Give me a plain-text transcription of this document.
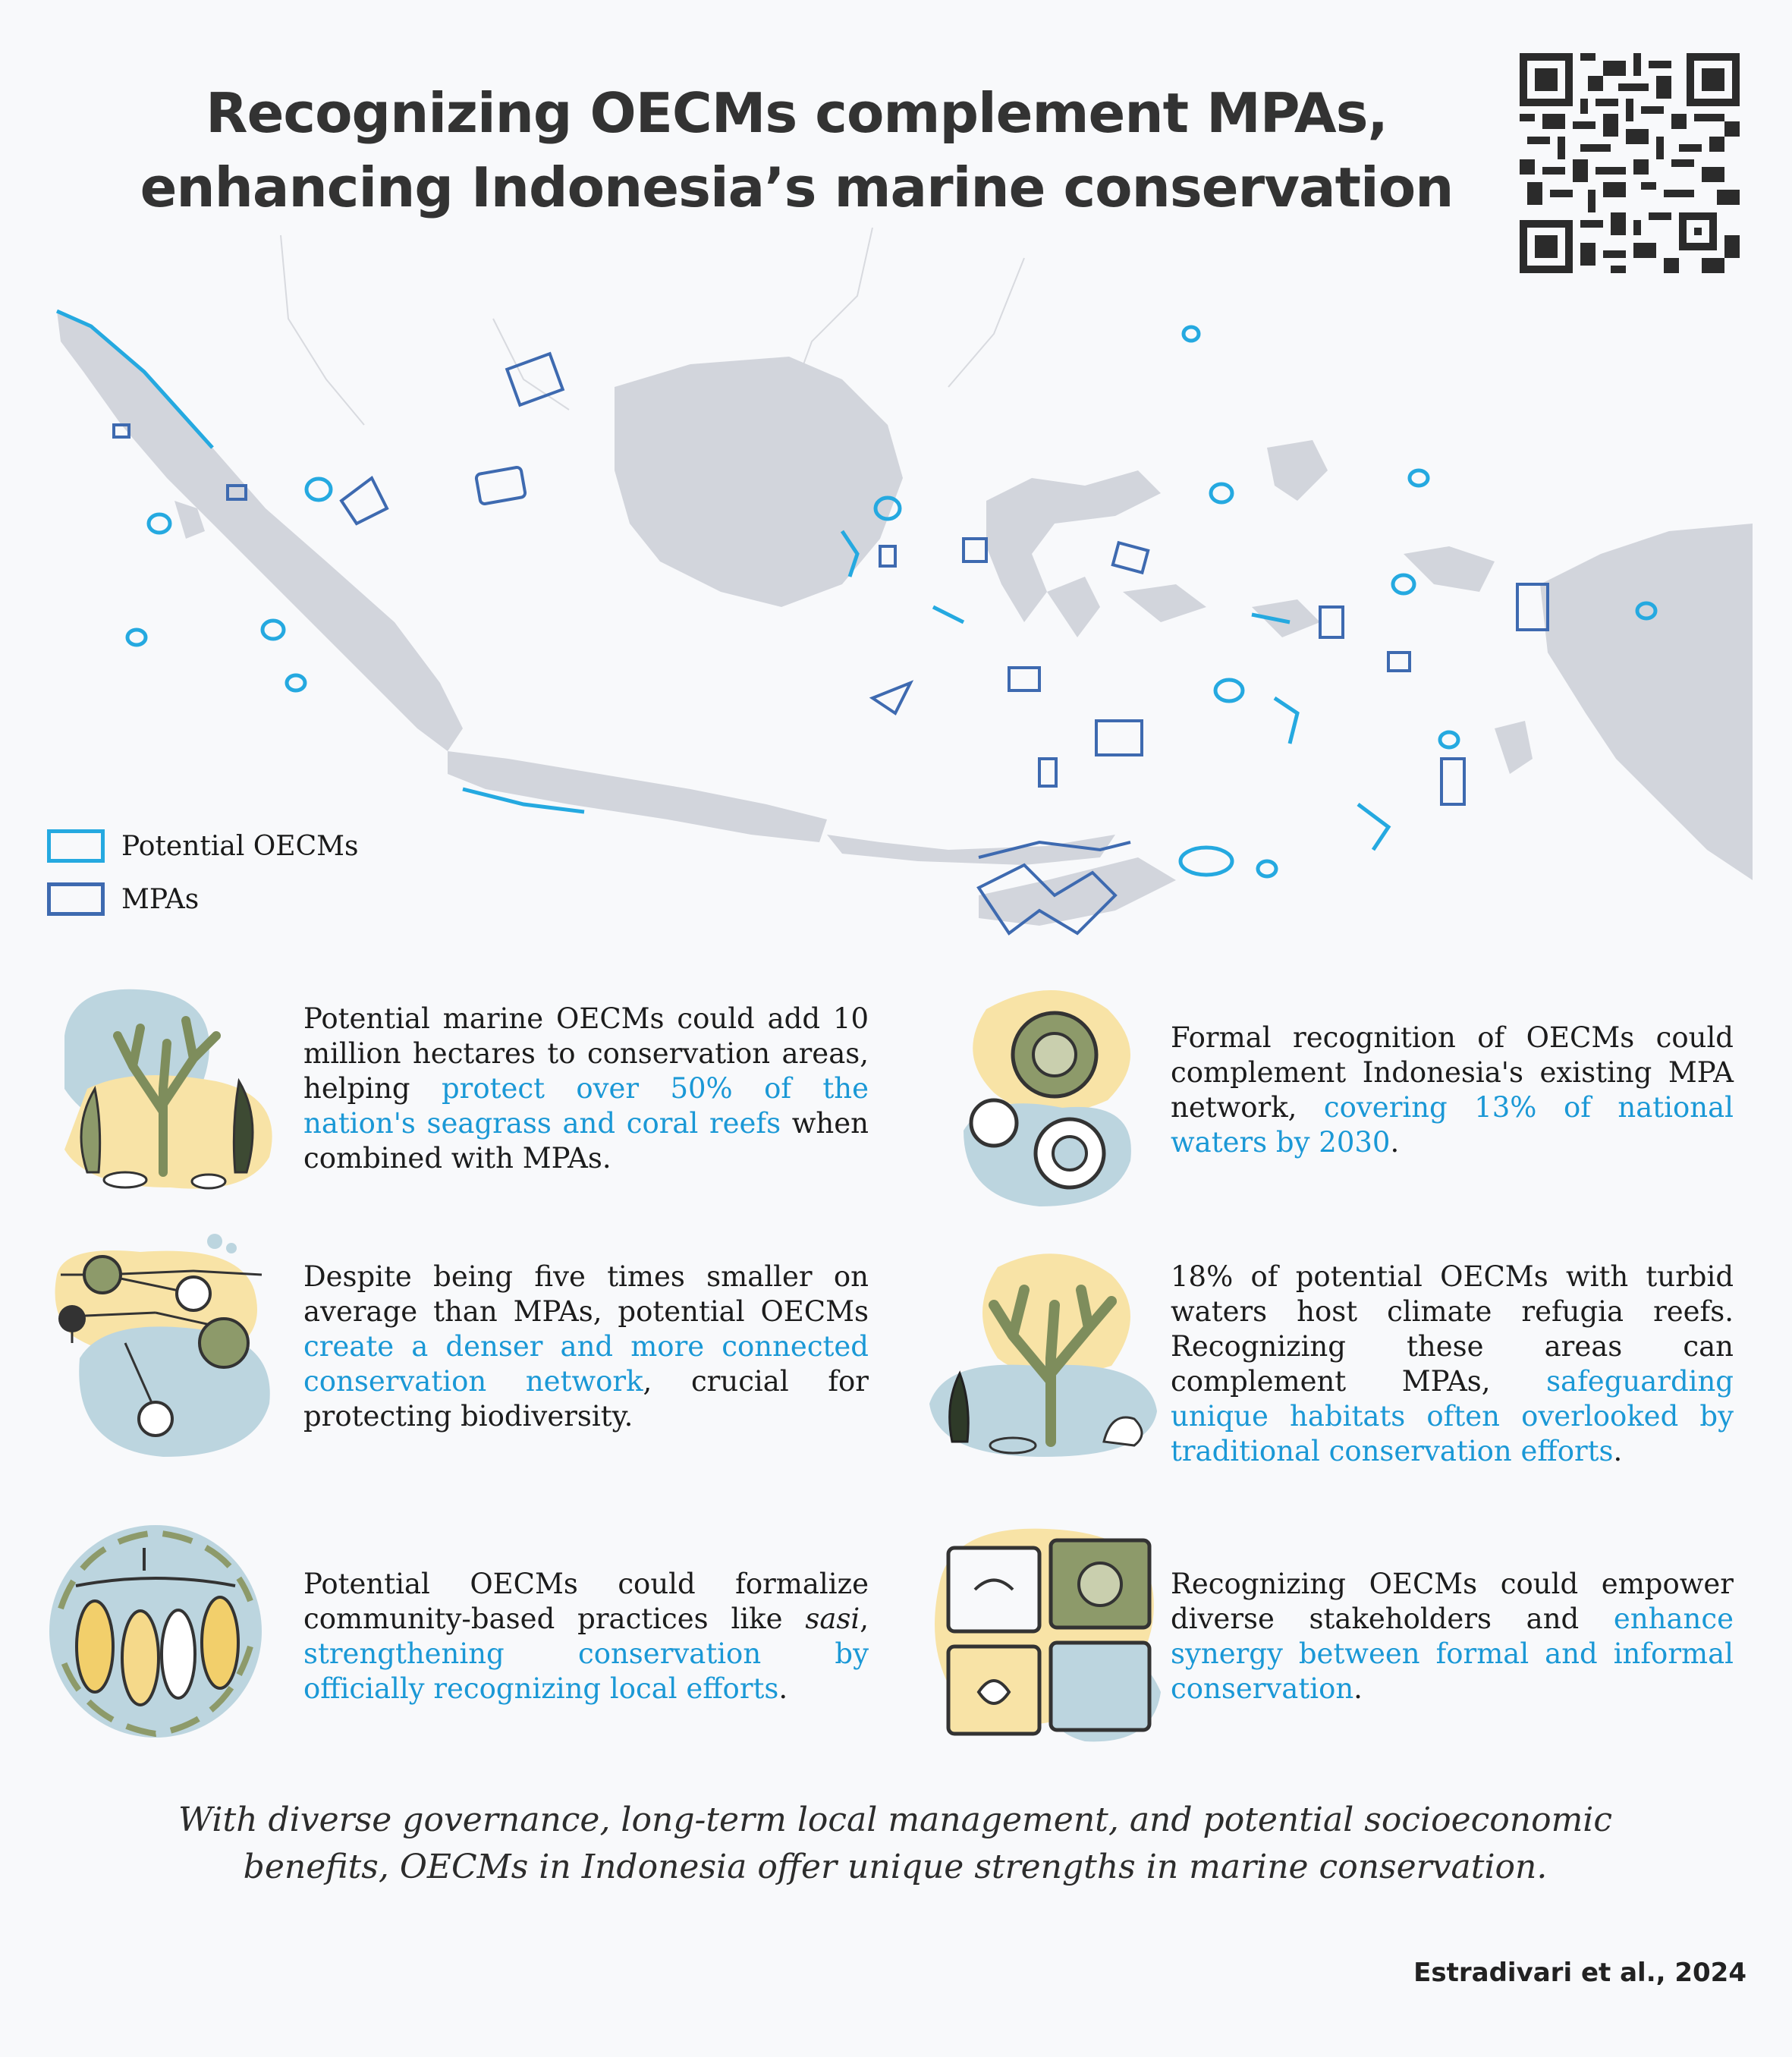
Recognizing OECMs complement MPAs,
enhancing Indonesia’s marine conservation
Potential OECMs
MPAs
Potential marine OECMs could add 10 million hectares to conservation areas, helping protect over 50% of the nation's seagrass and coral reefs when combined with MPAs.
Formal recognition of OECMs could complement Indonesia's existing MPA network, covering 13% of national waters by 2030.
Despite being five times smaller on average than MPAs, potential OECMs create a denser and more connected conservation network, crucial for protecting biodiversity.
18% of potential OECMs with turbid waters host climate refugia reefs. Recognizing these areas can complement MPAs, safeguarding unique habitats often overlooked by traditional conservation efforts.
Potential OECMs could formalize community-based practices like sasi, strengthening conservation by officially recognizing local efforts.
Recognizing OECMs could empower diverse stakeholders and enhance synergy between formal and informal conservation.
With diverse governance, long-term local management, and potential socioeconomic
benefits, OECMs in Indonesia offer unique strengths in marine conservation.
Estradivari et al., 2024
